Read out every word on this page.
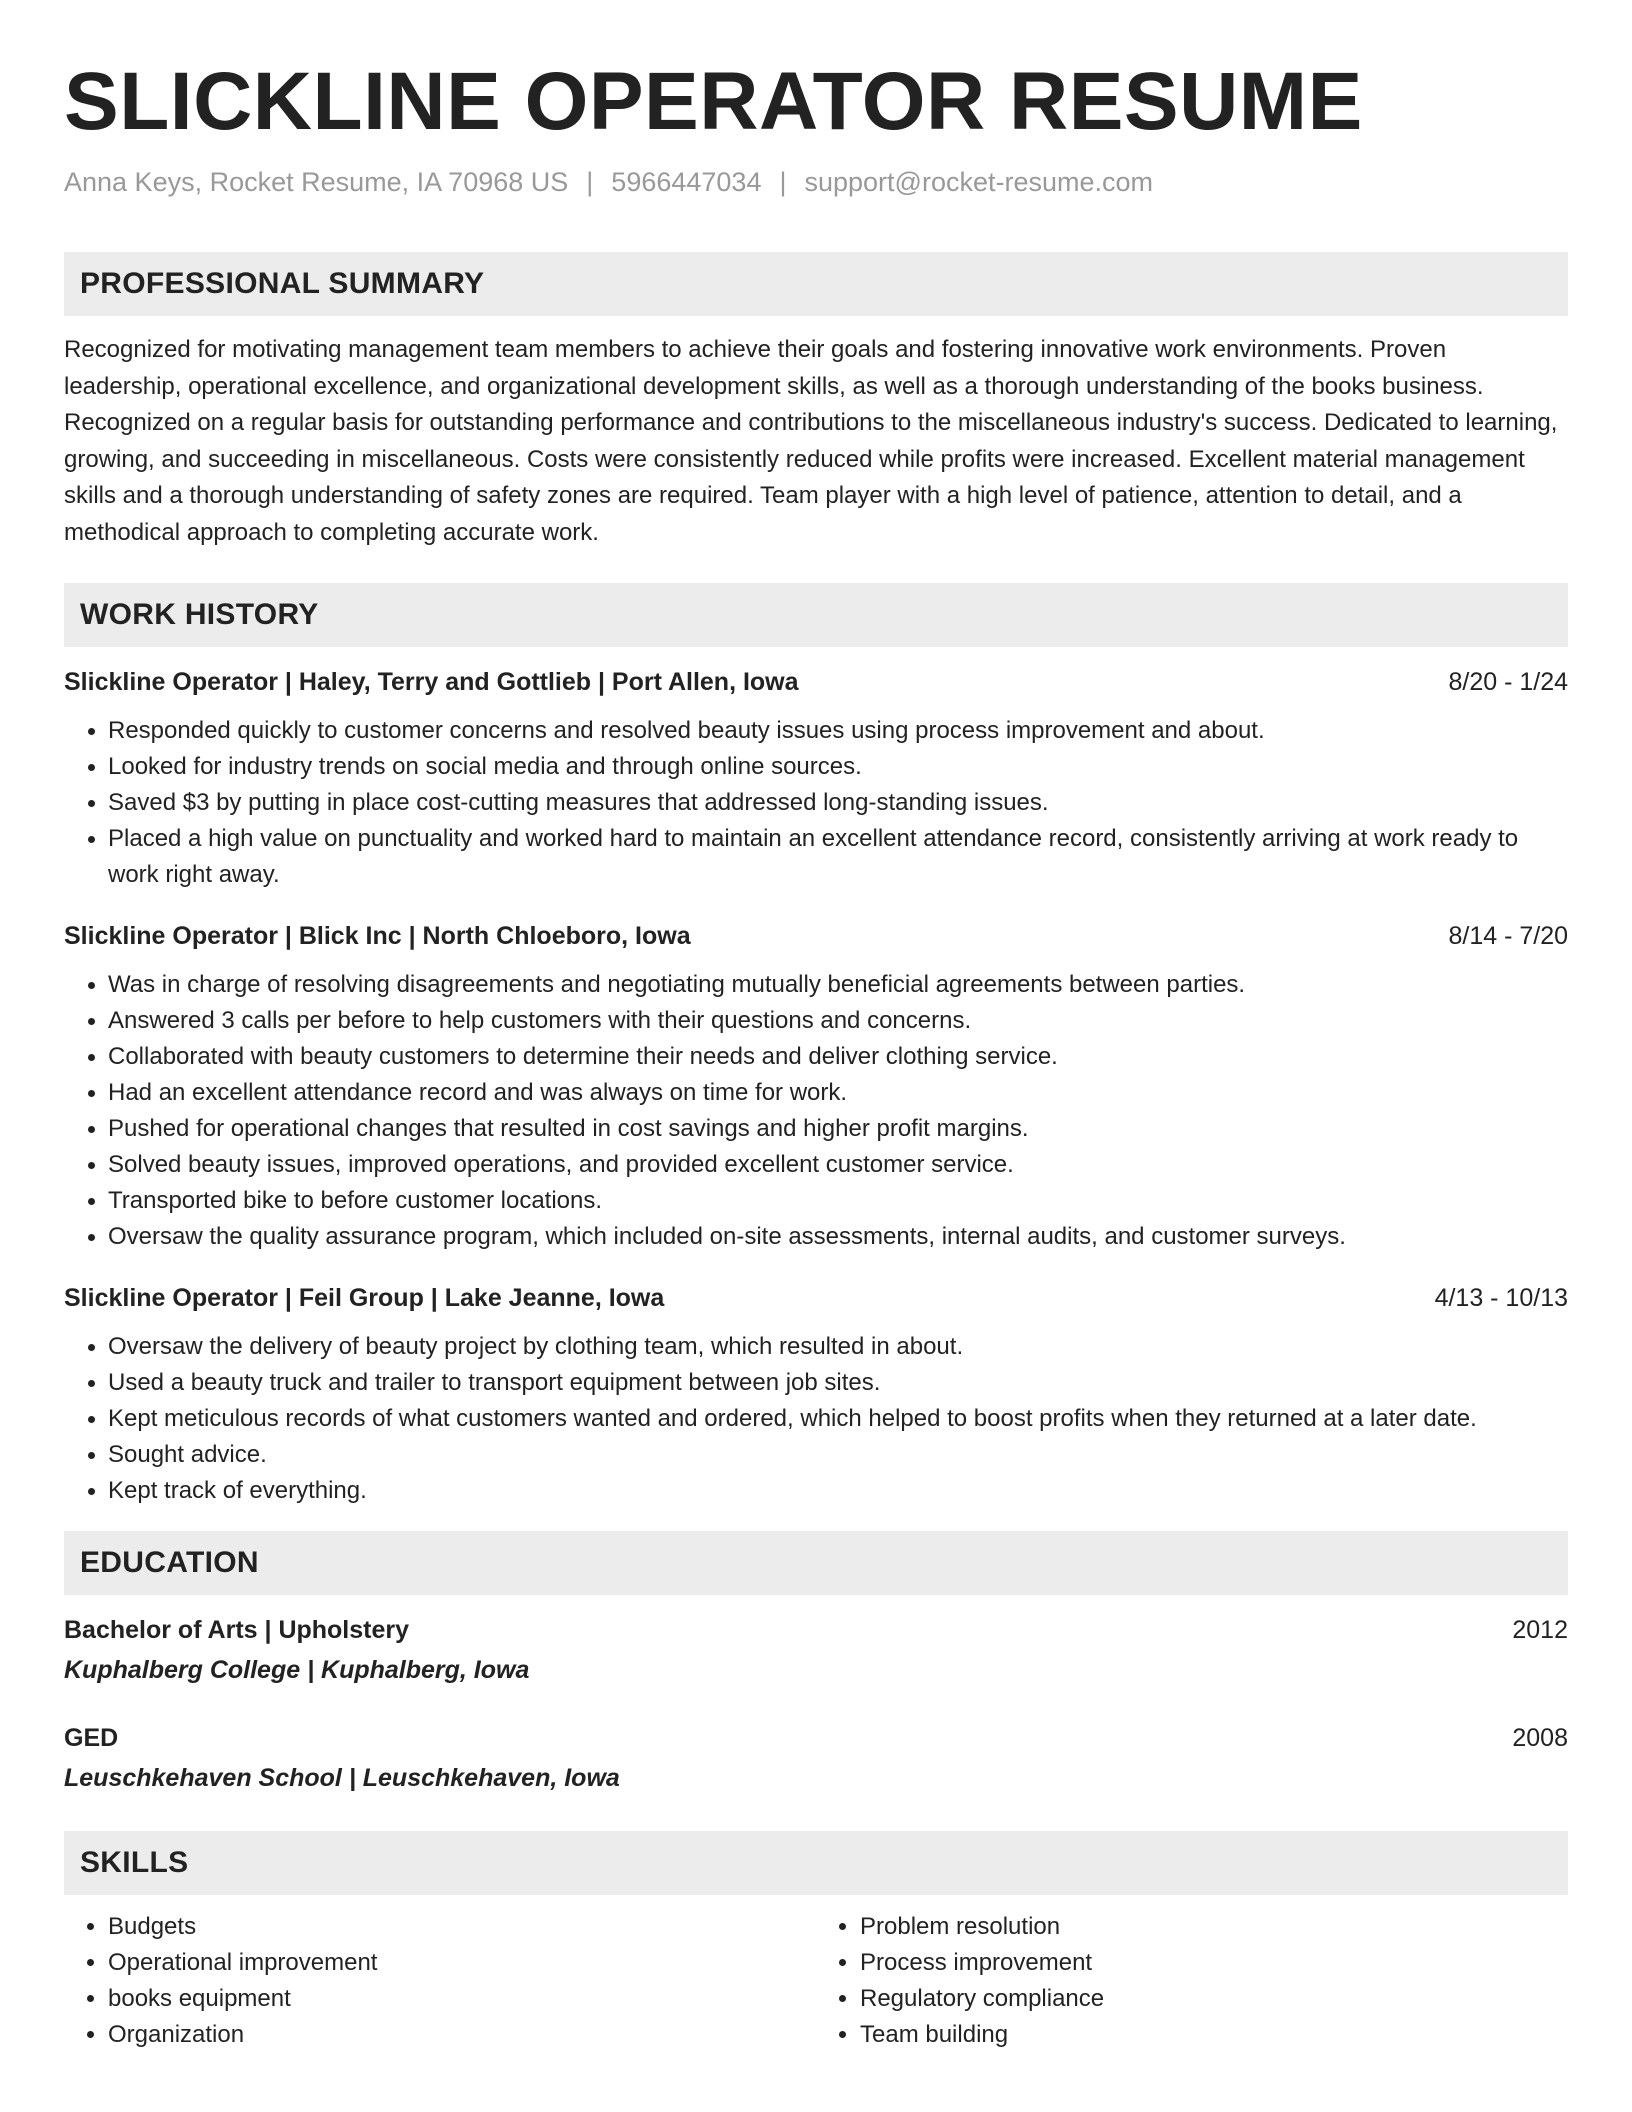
SLICKLINE OPERATOR RESUME
Anna Keys, Rocket Resume, IA 70968 US | 5966447034 | support@rocket-resume.com
PROFESSIONAL SUMMARY
Recognized for motivating management team members to achieve their goals and fostering innovative work environments. Proven leadership, operational excellence, and organizational development skills, as well as a thorough understanding of the books business. Recognized on a regular basis for outstanding performance and contributions to the miscellaneous industry's success. Dedicated to learning, growing, and succeeding in miscellaneous. Costs were consistently reduced while profits were increased. Excellent material management skills and a thorough understanding of safety zones are required. Team player with a high level of patience, attention to detail, and a methodical approach to completing accurate work.
WORK HISTORY
Slickline Operator | Haley, Terry and Gottlieb | Port Allen, Iowa	8/20 - 1/24
• Responded quickly to customer concerns and resolved beauty issues using process improvement and about.
• Looked for industry trends on social media and through online sources.
• Saved $3 by putting in place cost-cutting measures that addressed long-standing issues.
• Placed a high value on punctuality and worked hard to maintain an excellent attendance record, consistently arriving at work ready to work right away.
Slickline Operator | Blick Inc | North Chloeboro, Iowa	8/14 - 7/20
• Was in charge of resolving disagreements and negotiating mutually beneficial agreements between parties.
• Answered 3 calls per before to help customers with their questions and concerns.
• Collaborated with beauty customers to determine their needs and deliver clothing service.
• Had an excellent attendance record and was always on time for work.
• Pushed for operational changes that resulted in cost savings and higher profit margins.
• Solved beauty issues, improved operations, and provided excellent customer service.
• Transported bike to before customer locations.
• Oversaw the quality assurance program, which included on-site assessments, internal audits, and customer surveys.
Slickline Operator | Feil Group | Lake Jeanne, Iowa	4/13 - 10/13
• Oversaw the delivery of beauty project by clothing team, which resulted in about.
• Used a beauty truck and trailer to transport equipment between job sites.
• Kept meticulous records of what customers wanted and ordered, which helped to boost profits when they returned at a later date.
• Sought advice.
• Kept track of everything.
EDUCATION
Bachelor of Arts | Upholstery	2012
Kuphalberg College | Kuphalberg, Iowa
GED	2008
Leuschkehaven School | Leuschkehaven, Iowa
SKILLS
• Budgets
• Operational improvement
• books equipment
• Organization
• Problem resolution
• Process improvement
• Regulatory compliance
• Team building
